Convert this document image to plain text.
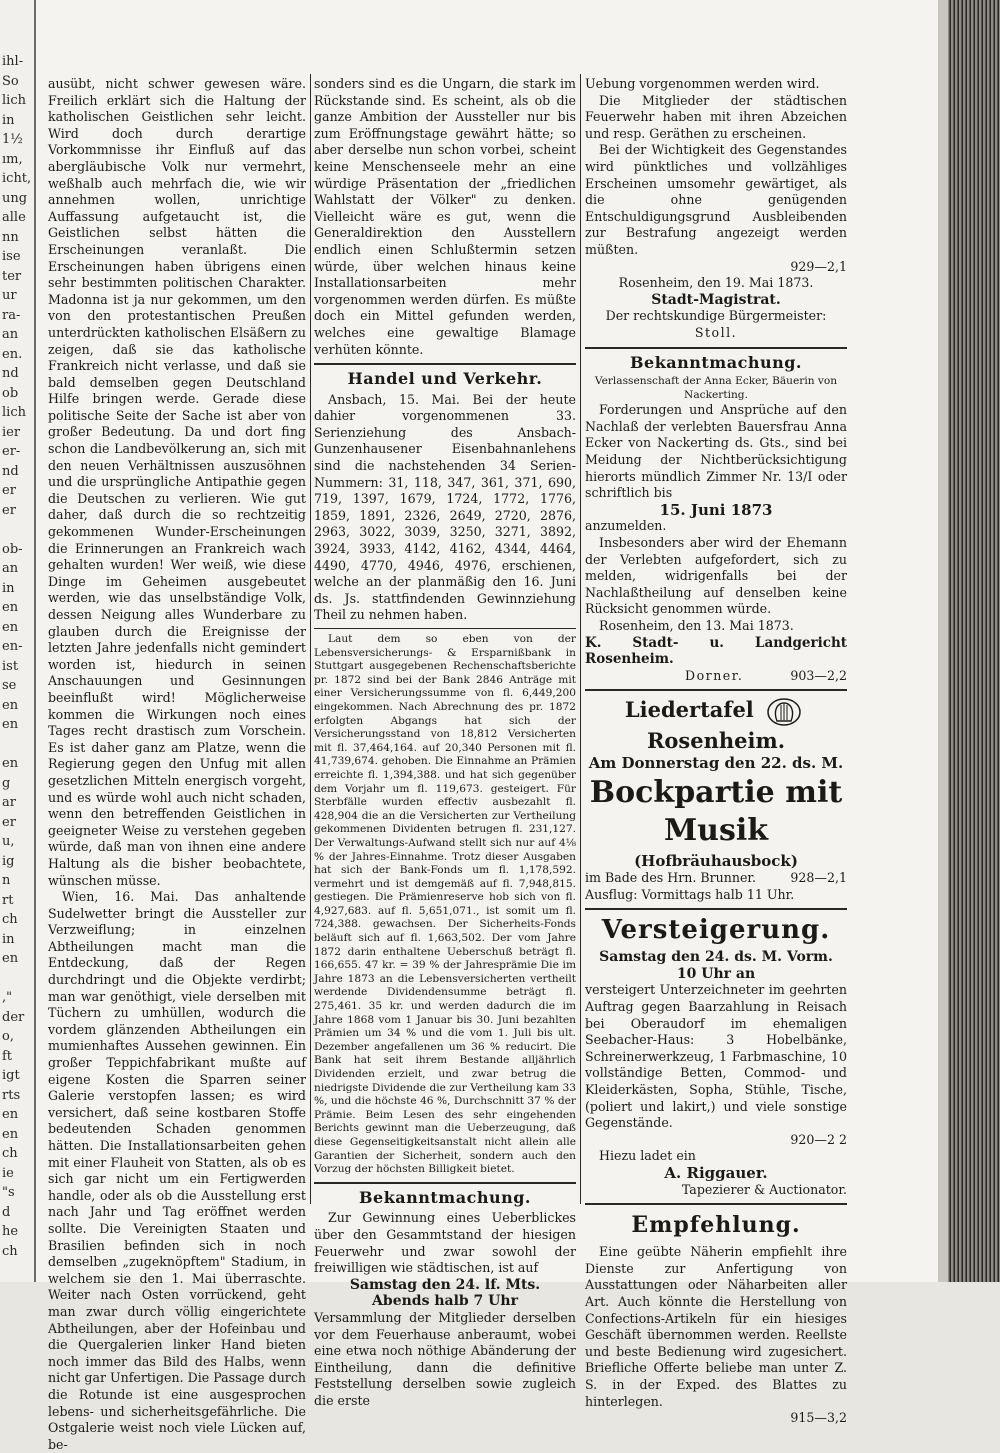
ihl-
So
lich
in
1½
ım,
icht,
ung
alle
nn
ise
ter
ur
ra-
an
en.
nd
ob
lich
ier
er-
nd
er
er

ob-
an
in
en
en
en-
ist
se
en
en

en
g
ar
er
u,
ig
n
rt
ch
in
en

,"
der
o,
ft
igt
rts
en
en
ch
ie
"s
d
he
ch

ausübt, nicht schwer gewesen wäre. Freilich erklärt sich die Haltung der katholischen Geistlichen sehr leicht. Wird doch durch derartige Vorkommnisse ihr Einfluß auf das abergläubische Volk nur vermehrt, weßhalb auch mehrfach die, wie wir annehmen wollen, unrichtige Auffassung aufgetaucht ist, die Geistlichen selbst hätten die Erscheinungen veranlaßt. Die Erscheinungen haben übrigens einen sehr bestimmten politischen Charakter. Madonna ist ja nur gekommen, um den von den protestantischen Preußen unterdrückten katholischen Elsäßern zu zeigen, daß sie das katholische Frankreich nicht verlasse, und daß sie bald demselben gegen Deutschland Hilfe bringen werde. Gerade diese politische Seite der Sache ist aber von großer Bedeutung. Da und dort fing schon die Landbevölkerung an, sich mit den neuen Verhältnissen auszusöhnen und die ursprüngliche Antipathie gegen die Deutschen zu verlieren. Wie gut daher, daß durch die so rechtzeitig gekommenen Wunder-Erscheinungen die Erinnerungen an Frankreich wach gehalten wurden! Wer weiß, wie diese Dinge im Geheimen ausgebeutet werden, wie das unselbständige Volk, dessen Neigung alles Wunderbare zu glauben durch die Ereignisse der letzten Jahre jedenfalls nicht gemindert worden ist, hiedurch in seinen Anschauungen und Gesinnungen beeinflußt wird! Möglicherweise kommen die Wirkungen noch eines Tages recht drastisch zum Vorschein. Es ist daher ganz am Platze, wenn die Regierung gegen den Unfug mit allen gesetzlichen Mitteln energisch vorgeht, und es würde wohl auch nicht schaden, wenn den betreffenden Geistlichen in geeigneter Weise zu verstehen gegeben würde, daß man von ihnen eine andere Haltung als die bisher beobachtete, wünschen müsse.

Wien, 16. Mai. Das anhaltende Sudelwetter bringt die Aussteller zur Verzweiflung; in einzelnen Abtheilungen macht man die Entdeckung, daß der Regen durchdringt und die Objekte verdirbt; man war genöthigt, viele derselben mit Tüchern zu umhüllen, wodurch die vordem glänzenden Abtheilungen ein mumienhaftes Aussehen gewinnen. Ein großer Teppichfabrikant mußte auf eigene Kosten die Sparren seiner Galerie verstopfen lassen; es wird versichert, daß seine kostbaren Stoffe bedeutenden Schaden genommen hätten. Die Installationsarbeiten gehen mit einer Flauheit von Statten, als ob es sich gar nicht um ein Fertigwerden handle, oder als ob die Ausstellung erst nach Jahr und Tag eröffnet werden sollte. Die Vereinigten Staaten und Brasilien befinden sich in noch demselben „zugeknöpftem" Stadium, in welchem sie den 1. Mai überraschte. Weiter nach Osten vorrückend, geht man zwar durch völlig eingerichtete Abtheilungen, aber der Hofeinbau und die Quergalerien linker Hand bieten noch immer das Bild des Halbs, wenn nicht gar Unfertigen. Die Passage durch die Rotunde ist eine ausgesprochen lebens- und sicherheitsgefährliche. Die Ostgalerie weist noch viele Lücken auf, be-

sonders sind es die Ungarn, die stark im Rückstande sind. Es scheint, als ob die ganze Ambition der Aussteller nur bis zum Eröffnungstage gewährt hätte; so aber derselbe nun schon vorbei, scheint keine Menschenseele mehr an eine würdige Präsentation der „friedlichen Wahlstatt der Völker" zu denken. Vielleicht wäre es gut, wenn die Generaldirektion den Ausstellern endlich einen Schlußtermin setzen würde, über welchen hinaus keine Installationsarbeiten mehr vorgenommen werden dürfen. Es müßte doch ein Mittel gefunden werden, welches eine gewaltige Blamage verhüten könnte.

Handel und Verkehr.

Ansbach, 15. Mai. Bei der heute dahier vorgenommenen 33. Serienziehung des Ansbach-Gunzenhausener Eisenbahnanlehens sind die nachstehenden 34 Serien-Nummern: 31, 118, 347, 361, 371, 690, 719, 1397, 1679, 1724, 1772, 1776, 1859, 1891, 2326, 2649, 2720, 2876, 2963, 3022, 3039, 3250, 3271, 3892, 3924, 3933, 4142, 4162, 4344, 4464, 4490, 4770, 4946, 4976, erschienen, welche an der planmäßig den 16. Juni ds. Js. stattfindenden Gewinnziehung Theil zu nehmen haben.

Laut dem so eben von der Lebensversicherungs- & Ersparnißbank in Stuttgart ausgegebenen Rechenschaftsberichte pr. 1872 sind bei der Bank 2846 Anträge mit einer Versicherungssumme von fl. 6,449,200 eingekommen. Nach Abrechnung des pr. 1872 erfolgten Abgangs hat sich der Versicherungsstand von 18,812 Versicherten mit fl. 37,464,164. auf 20,340 Personen mit fl. 41,739,674. gehoben. Die Einnahme an Prämien erreichte fl. 1,394,388. und hat sich gegenüber dem Vorjahr um fl. 119,673. gesteigert. Für Sterbfälle wurden effectiv ausbezahlt fl. 428,904 die an die Versicherten zur Vertheilung gekommenen Dividenten betrugen fl. 231,127. Der Verwaltungs-Aufwand stellt sich nur auf 4⅛ % der Jahres-Einnahme. Trotz dieser Ausgaben hat sich der Bank-Fonds um fl. 1,178,592. vermehrt und ist demgemäß auf fl. 7,948,815. gestiegen. Die Prämienreserve hob sich von fl. 4,927,683. auf fl. 5,651,071., ist somit um fl. 724,388. gewachsen. Der Sicherheits-Fonds beläuft sich auf fl. 1,663,502. Der vom Jahre 1872 darin enthaltene Ueberschuß beträgt fl. 166,655. 47 kr. = 39 % der Jahresprämie Die im Jahre 1873 an die Lebensversicherten vertheilt werdende Dividendensumme beträgt fl. 275,461. 35 kr. und werden dadurch die im Jahre 1868 vom 1 Januar bis 30. Juni bezahlten Prämien um 34 % und die vom 1. Juli bis ult. Dezember angefallenen um 36 % reducirt. Die Bank hat seit ihrem Bestande alljährlich Dividenden erzielt, und zwar betrug die niedrigste Dividende die zur Vertheilung kam 33 %, und die höchste 46 %, Durchschnitt 37 % der Prämie. Beim Lesen des sehr eingehenden Berichts gewinnt man die Ueberzeugung, daß diese Gegenseitigkeitsanstalt nicht allein alle Garantien der Sicherheit, sondern auch den Vorzug der höchsten Billigkeit bietet.

Bekanntmachung.

Zur Gewinnung eines Ueberblickes über den Gesammtstand der hiesigen Feuerwehr und zwar sowohl der freiwilligen wie städtischen, ist auf

Samstag den 24. lf. Mts.
Abends halb 7 Uhr

Versammlung der Mitglieder derselben vor dem Feuerhause anberaumt, wobei eine etwa noch nöthige Abänderung der Eintheilung, dann die definitive Feststellung derselben sowie zugleich die erste

Uebung vorgenommen werden wird.

Die Mitglieder der städtischen Feuerwehr haben mit ihren Abzeichen und resp. Geräthen zu erscheinen.

Bei der Wichtigkeit des Gegenstandes wird pünktliches und vollzähliges Erscheinen umsomehr gewärtiget, als die ohne genügenden Entschuldigungsgrund Ausbleibenden zur Bestrafung angezeigt werden müßten.

929—2,1
Rosenheim, den 19. Mai 1873.
Stadt-Magistrat.
Der rechtskundige Bürgermeister:
Stoll.
Bekanntmachung.
Verlassenschaft der Anna Ecker, Bäuerin von Nackerting.

Forderungen und Ansprüche auf den Nachlaß der verlebten Bauersfrau Anna Ecker von Nackerting ds. Gts., sind bei Meidung der Nichtberücksichtigung hierorts mündlich Zimmer Nr. 13/I oder schriftlich bis

15. Juni 1873

anzumelden.

Insbesonders aber wird der Ehemann der Verlebten aufgefordert, sich zu melden, widrigenfalls bei der Nachlaßtheilung auf denselben keine Rücksicht genommen würde.

Rosenheim, den 13. Mai 1873.
K. Stadt- u. Landgericht Rosenheim.
Dorner.	903—2,2
Liedertafel  Rosenheim.
Am Donnerstag den 22. ds. M.
Bockpartie mit Musik
(Hofbräuhausbock)
im Bade des Hrn. Brunner.	928—2,1
Ausflug: Vormittags halb 11 Uhr.
Versteigerung.
Samstag den 24. ds. M. Vorm.
10 Uhr an

versteigert Unterzeichneter im geehrten Auftrag gegen Baarzahlung in Reisach bei Oberaudorf im ehemaligen Seebacher-Haus: 3 Hobelbänke, Schreinerwerkzeug, 1 Farbmaschine, 10 vollständige Betten, Commod- und Kleiderkästen, Sopha, Stühle, Tische, (poliert und lakirt,) und viele sonstige Gegenstände.

920—2 2
Hiezu ladet ein
A. Riggauer.
Tapezierer & Auctionator.
Empfehlung.

Eine geübte Näherin empfiehlt ihre Dienste zur Anfertigung von Ausstattungen oder Näharbeiten aller Art. Auch könnte die Herstellung von Confections-Artikeln für ein hiesiges Geschäft übernommen werden. Reellste und beste Bedienung wird zugesichert. Briefliche Offerte beliebe man unter Z. S. in der Exped. des Blattes zu hinterlegen.

915—3,2
